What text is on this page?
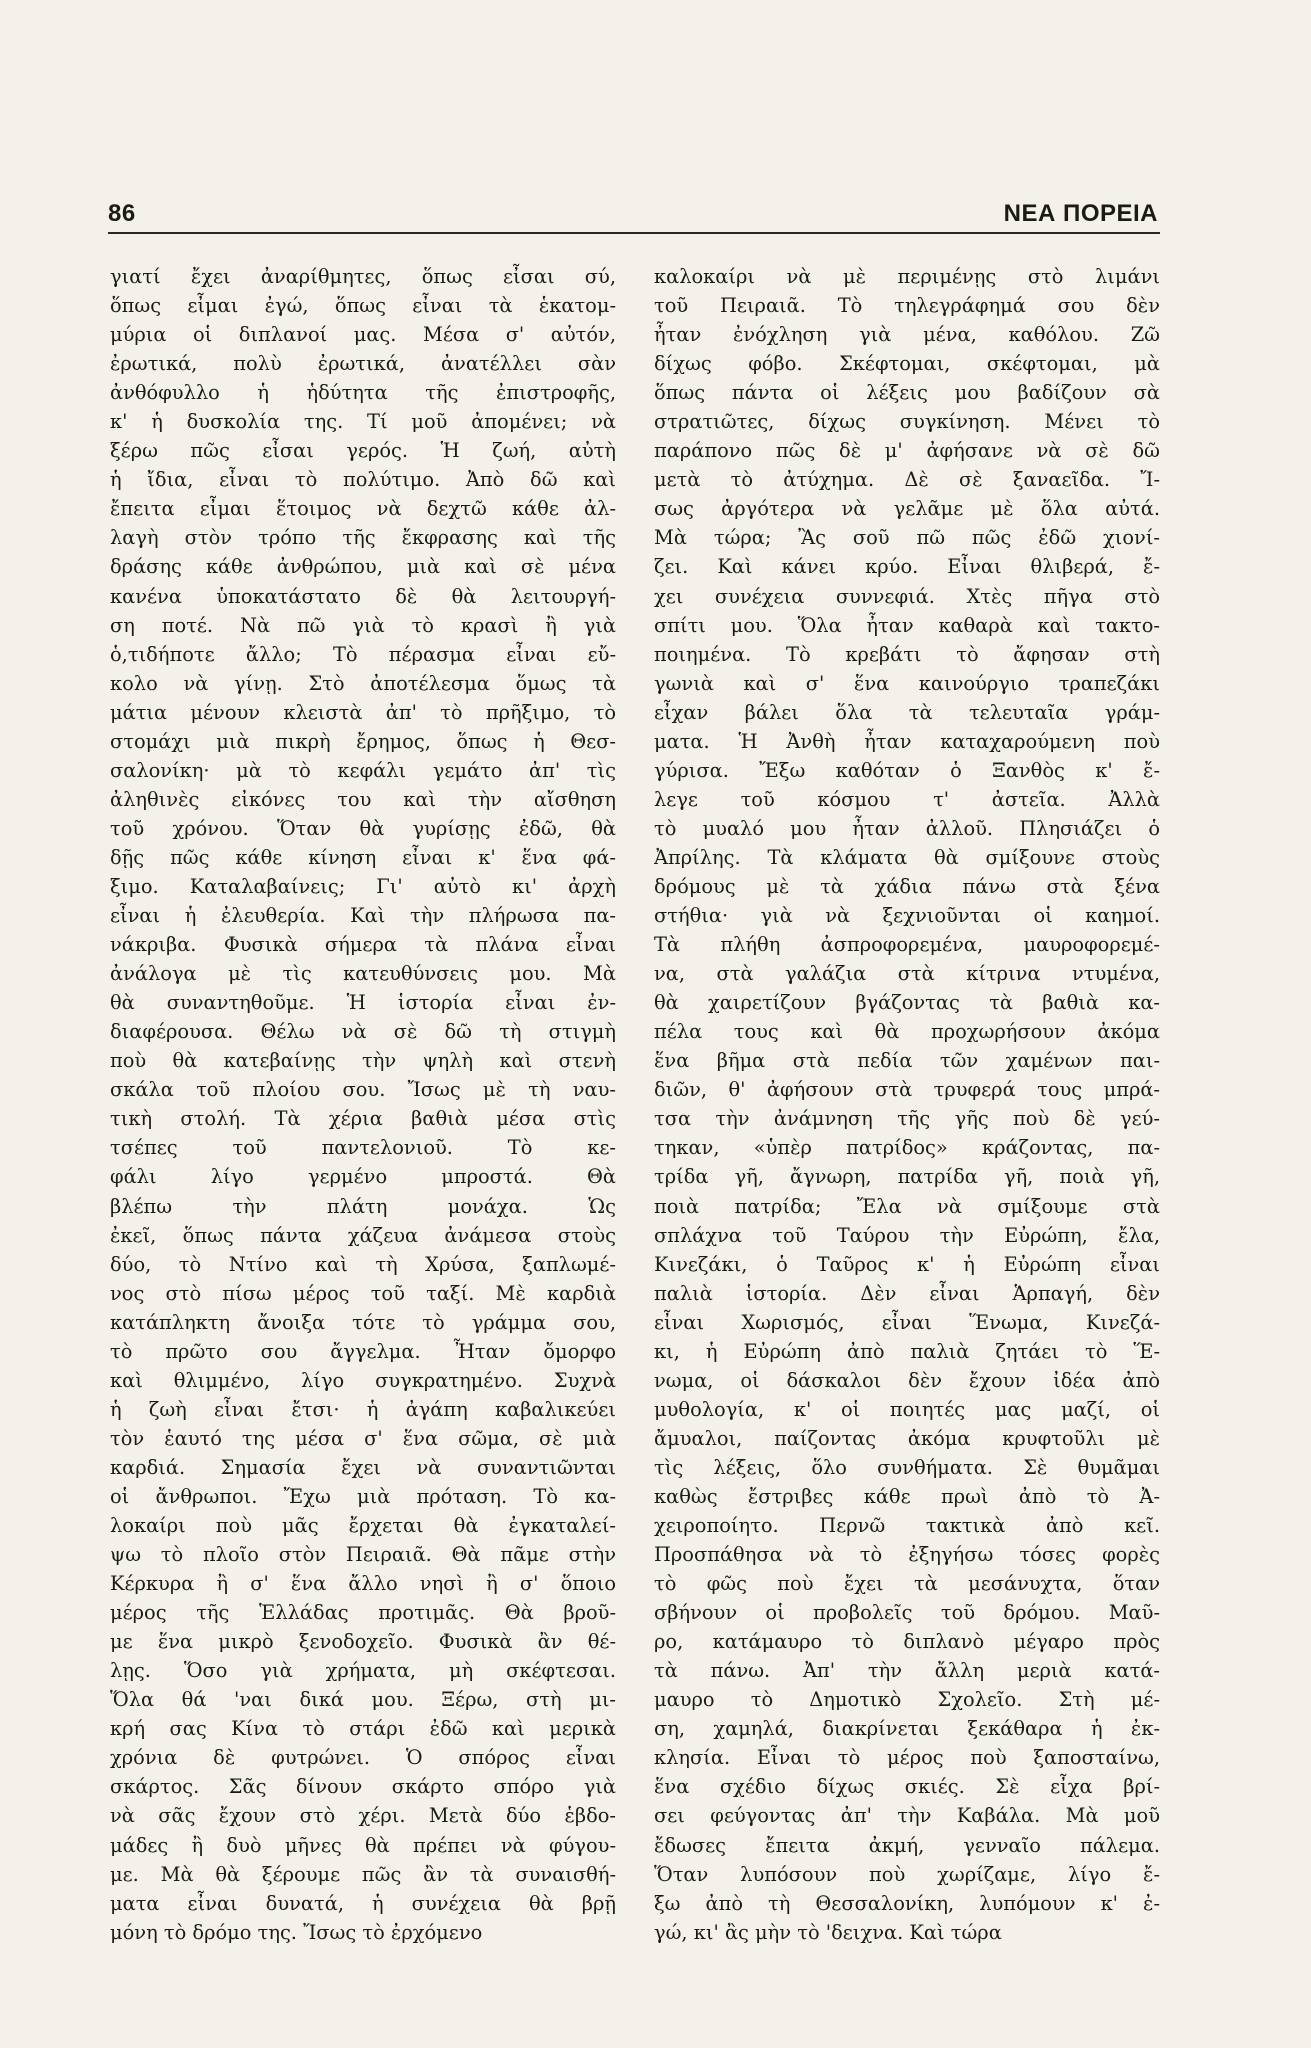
86	ΝΕΑ ΠΟΡΕΙΑ
γιατί ἔχει ἀναρίθμητες, ὅπως εἶσαι σύ,
ὅπως εἶμαι ἐγώ, ὅπως εἶναι τὰ ἑκατομ-
μύρια οἱ διπλανοί μας. Μέσα σ' αὐτόν,
ἐρωτικά, πολὺ ἐρωτικά, ἀνατέλλει σὰν
ἀνθόφυλλο ἡ ἡδύτητα τῆς ἐπιστροφῆς,
κ' ἡ δυσκολία της. Τί μοῦ ἀπομένει; νὰ
ξέρω πῶς εἶσαι γερός. Ἡ ζωή, αὐτὴ
ἡ ἴδια, εἶναι τὸ πολύτιμο. Ἀπὸ δῶ καὶ
ἔπειτα εἶμαι ἕτοιμος νὰ δεχτῶ κάθε ἀλ-
λαγὴ στὸν τρόπο τῆς ἔκφρασης καὶ τῆς
δράσης κάθε ἀνθρώπου, μιὰ καὶ σὲ μένα
κανένα ὑποκατάστατο δὲ θὰ λειτουργή-
ση ποτέ. Νὰ πῶ γιὰ τὸ κρασὶ ἢ γιὰ
ὁ,τιδήποτε ἄλλο; Τὸ πέρασμα εἶναι εὔ-
κολο νὰ γίνῃ. Στὸ ἀποτέλεσμα ὅμως τὰ
μάτια μένουν κλειστὰ ἀπ' τὸ πρῆξιμο, τὸ
στομάχι μιὰ πικρὴ ἔρημος, ὅπως ἡ Θεσ-
σαλονίκη· μὰ τὸ κεφάλι γεμάτο ἀπ' τὶς
ἀληθινὲς εἰκόνες του καὶ τὴν αἴσθηση
τοῦ χρόνου. Ὅταν θὰ γυρίσῃς ἐδῶ, θὰ
δῇς πῶς κάθε κίνηση εἶναι κ' ἕνα φά-
ξιμο. Καταλαβαίνεις; Γι' αὐτὸ κι' ἀρχὴ
εἶναι ἡ ἐλευθερία. Καὶ τὴν πλήρωσα πα-
νάκριβα. Φυσικὰ σήμερα τὰ πλάνα εἶναι
ἀνάλογα μὲ τὶς κατευθύνσεις μου. Μὰ
θὰ συναντηθοῦμε. Ἡ ἱστορία εἶναι ἐν-
διαφέρουσα. Θέλω νὰ σὲ δῶ τὴ στιγμὴ
ποὺ θὰ κατεβαίνῃς τὴν ψηλὴ καὶ στενὴ
σκάλα τοῦ πλοίου σου. Ἴσως μὲ τὴ ναυ-
τικὴ στολή. Τὰ χέρια βαθιὰ μέσα στὶς
τσέπες τοῦ παντελονιοῦ. Τὸ κε-
φάλι λίγο γερμένο μπροστά. Θὰ
βλέπω τὴν πλάτη μονάχα. Ὡς
ἐκεῖ, ὅπως πάντα χάζευα ἀνάμεσα στοὺς
δύο, τὸ Ντίνο καὶ τὴ Χρύσα, ξαπλωμέ-
νος στὸ πίσω μέρος τοῦ ταξί. Μὲ καρδιὰ
κατάπληκτη ἄνοιξα τότε τὸ γράμμα σου,
τὸ πρῶτο σου ἄγγελμα. Ἦταν ὄμορφο
καὶ θλιμμένο, λίγο συγκρατημένο. Συχνὰ
ἡ ζωὴ εἶναι ἔτσι· ἡ ἀγάπη καβαλικεύει
τὸν ἑαυτό της μέσα σ' ἕνα σῶμα, σὲ μιὰ
καρδιά. Σημασία ἔχει νὰ συναντιῶνται
οἱ ἄνθρωποι. Ἔχω μιὰ πρόταση. Τὸ κα-
λοκαίρι ποὺ μᾶς ἔρχεται θὰ ἐγκαταλεί-
ψω τὸ πλοῖο στὸν Πειραιᾶ. Θὰ πᾶμε στὴν
Κέρκυρα ἢ σ' ἕνα ἄλλο νησὶ ἢ σ' ὅποιο
μέρος τῆς Ἑλλάδας προτιμᾶς. Θὰ βροῦ-
με ἕνα μικρὸ ξενοδοχεῖο. Φυσικὰ ἂν θέ-
λῃς. Ὅσο γιὰ χρήματα, μὴ σκέφτεσαι.
Ὅλα θά 'ναι δικά μου. Ξέρω, στὴ μι-
κρή σας Κίνα τὸ στάρι ἐδῶ καὶ μερικὰ
χρόνια δὲ φυτρώνει. Ὁ σπόρος εἶναι
σκάρτος. Σᾶς δίνουν σκάρτο σπόρο γιὰ
νὰ σᾶς ἔχουν στὸ χέρι. Μετὰ δύο ἑβδο-
μάδες ἢ δυὸ μῆνες θὰ πρέπει νὰ φύγου-
με. Μὰ θὰ ξέρουμε πῶς ἂν τὰ συναισθή-
ματα εἶναι δυνατά, ἡ συνέχεια θὰ βρῇ
μόνη τὸ δρόμο της. Ἴσως τὸ ἐρχόμενο
καλοκαίρι νὰ μὲ περιμένῃς στὸ λιμάνι
τοῦ Πειραιᾶ. Τὸ τηλεγράφημά σου δὲν
ἦταν ἐνόχληση γιὰ μένα, καθόλου. Ζῶ
δίχως φόβο. Σκέφτομαι, σκέφτομαι, μὰ
ὅπως πάντα οἱ λέξεις μου βαδίζουν σὰ
στρατιῶτες, δίχως συγκίνηση. Μένει τὸ
παράπονο πῶς δὲ μ' ἀφήσανε νὰ σὲ δῶ
μετὰ τὸ ἀτύχημα. Δὲ σὲ ξαναεῖδα. Ἴ-
σως ἀργότερα νὰ γελᾶμε μὲ ὅλα αὐτά.
Μὰ τώρα; Ἂς σοῦ πῶ πῶς ἐδῶ χιονί-
ζει. Καὶ κάνει κρύο. Εἶναι θλιβερά, ἔ-
χει συνέχεια συννεφιά. Χτὲς πῆγα στὸ
σπίτι μου. Ὅλα ἦταν καθαρὰ καὶ τακτο-
ποιημένα. Τὸ κρεβάτι τὸ ἄφησαν στὴ
γωνιὰ καὶ σ' ἕνα καινούργιο τραπεζάκι
εἶχαν βάλει ὅλα τὰ τελευταῖα γράμ-
ματα. Ἡ Ἀνθὴ ἦταν καταχαρούμενη ποὺ
γύρισα. Ἔξω καθόταν ὁ Ξανθὸς κ' ἔ-
λεγε τοῦ κόσμου τ' ἀστεῖα. Ἀλλὰ
τὸ μυαλό μου ἦταν ἀλλοῦ. Πλησιάζει ὁ
Ἀπρίλης. Τὰ κλάματα θὰ σμίξουνε στοὺς
δρόμους μὲ τὰ χάδια πάνω στὰ ξένα
στήθια· γιὰ νὰ ξεχνιοῦνται οἱ καημοί.
Τὰ πλήθη ἀσπροφορεμένα, μαυροφορεμέ-
να, στὰ γαλάζια στὰ κίτρινα ντυμένα,
θὰ χαιρετίζουν βγάζοντας τὰ βαθιὰ κα-
πέλα τους καὶ θὰ προχωρήσουν ἀκόμα
ἕνα βῆμα στὰ πεδία τῶν χαμένων παι-
διῶν, θ' ἀφήσουν στὰ τρυφερά τους μπρά-
τσα τὴν ἀνάμνηση τῆς γῆς ποὺ δὲ γεύ-
τηκαν, «ὑπὲρ πατρίδος» κράζοντας, πα-
τρίδα γῆ, ἄγνωρη, πατρίδα γῆ, ποιὰ γῆ,
ποιὰ πατρίδα; Ἔλα νὰ σμίξουμε στὰ
σπλάχνα τοῦ Ταύρου τὴν Εὐρώπη, ἔλα,
Κινεζάκι, ὁ Ταῦρος κ' ἡ Εὐρώπη εἶναι
παλιὰ ἱστορία. Δὲν εἶναι Ἁρπαγή, δὲν
εἶναι Χωρισμός, εἶναι Ἕνωμα, Κινεζά-
κι, ἡ Εὐρώπη ἀπὸ παλιὰ ζητάει τὸ Ἕ-
νωμα, οἱ δάσκαλοι δὲν ἔχουν ἰδέα ἀπὸ
μυθολογία, κ' οἱ ποιητές μας μαζί, οἱ
ἄμυαλοι, παίζοντας ἀκόμα κρυφτοῦλι μὲ
τὶς λέξεις, ὅλο συνθήματα. Σὲ θυμᾶμαι
καθὼς ἔστριβες κάθε πρωὶ ἀπὸ τὸ Ἀ-
χειροποίητο. Περνῶ τακτικὰ ἀπὸ κεῖ.
Προσπάθησα νὰ τὸ ἐξηγήσω τόσες φορὲς
τὸ φῶς ποὺ ἔχει τὰ μεσάνυχτα, ὅταν
σβήνουν οἱ προβολεῖς τοῦ δρόμου. Μαῦ-
ρο, κατάμαυρο τὸ διπλανὸ μέγαρο πρὸς
τὰ πάνω. Ἀπ' τὴν ἄλλη μεριὰ κατά-
μαυρο τὸ Δημοτικὸ Σχολεῖο. Στὴ μέ-
ση, χαμηλά, διακρίνεται ξεκάθαρα ἡ ἐκ-
κλησία. Εἶναι τὸ μέρος ποὺ ξαποσταίνω,
ἕνα σχέδιο δίχως σκιές. Σὲ εἶχα βρί-
σει φεύγοντας ἀπ' τὴν Καβάλα. Μὰ μοῦ
ἔδωσες ἔπειτα ἀκμή, γενναῖο πάλεμα.
Ὅταν λυπόσουν ποὺ χωρίζαμε, λίγο ἔ-
ξω ἀπὸ τὴ Θεσσαλονίκη, λυπόμουν κ' ἐ-
γώ, κι' ἂς μὴν τὸ 'δειχνα. Καὶ τώρα
